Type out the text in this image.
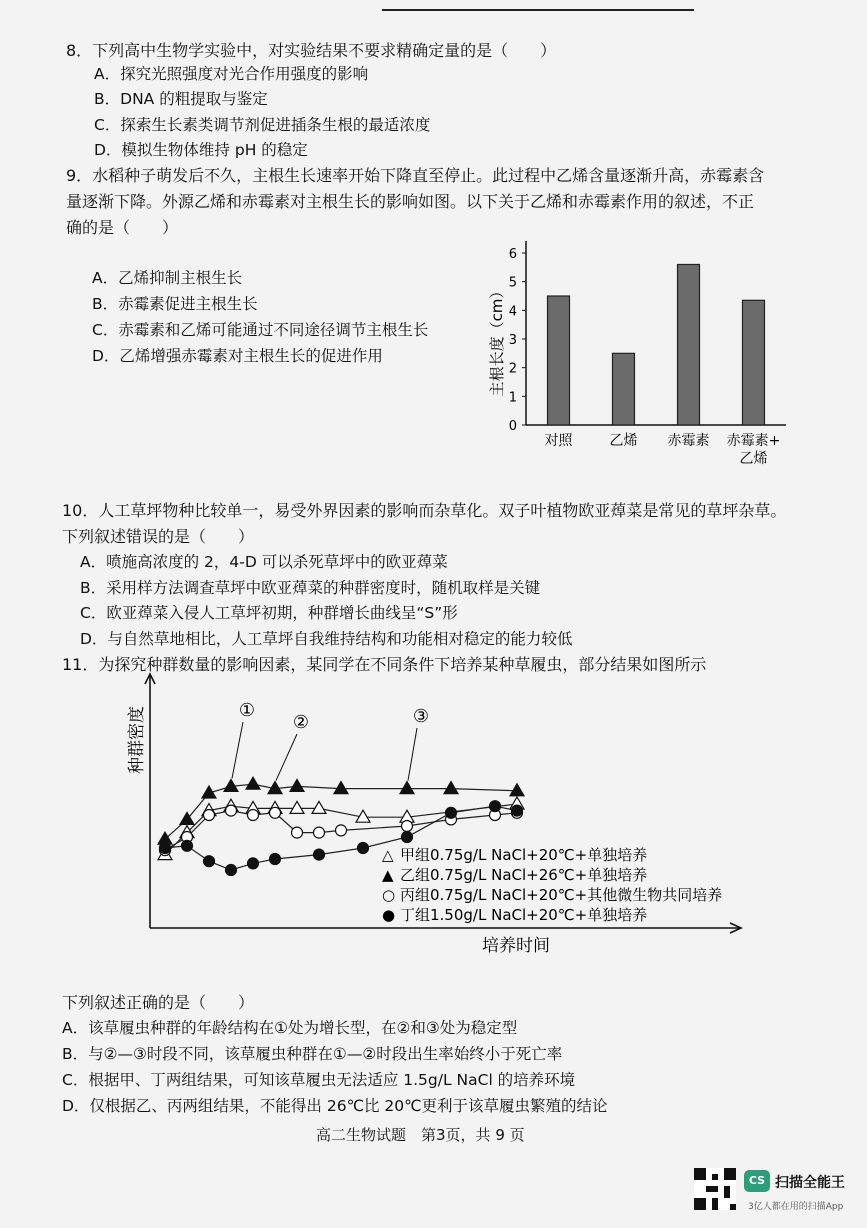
8．下列高中生物学实验中，对实验结果不要求精确定量的是（　　）
A．探究光照强度对光合作用强度的影响
B．DNA 的粗提取与鉴定
C．探索生长素类调节剂促进插条生根的最适浓度
D．模拟生物体维持 pH 的稳定
9．水稻种子萌发后不久，主根生长速率开始下降直至停止。此过程中乙烯含量逐渐升高，赤霉素含
量逐渐下降。外源乙烯和赤霉素对主根生长的影响如图。以下关于乙烯和赤霉素作用的叙述，不正
确的是（　　）
A．乙烯抑制主根生长
B．赤霉素促进主根生长
C．赤霉素和乙烯可能通过不同途径调节主根生长
D．乙烯增强赤霉素对主根生长的促进作用	主根长度（cm）
0
1
2
3
4
5
6
对照	乙烯 赤霉素 赤霉素+
乙烯
10．人工草坪物种比较单一，易受外界因素的影响而杂草化。双子叶植物欧亚蔊菜是常见的草坪杂草。
下列叙述错误的是（　　）
A．喷施高浓度的 2，4-D 可以杀死草坪中的欧亚蔊菜
B．采用样方法调查草坪中欧亚蔊菜的种群密度时，随机取样是关键
C．欧亚蔊菜入侵人工草坪初期，种群增长曲线呈“S”形
D．与自然草地相比，人工草坪自我维持结构和功能相对稳定的能力较低
11．为探究种群数量的影响因素，某同学在不同条件下培养某种草履虫，部分结果如图所示
种群密度
培养时间
①
②	③
△ 甲组0.75g/L NaCl+20℃+单独培养
▲ 乙组0.75g/L NaCl+26℃+单独培养
○ 丙组0.75g/L NaCl+20℃+其他微生物共同培养
● 丁组1.50g/L NaCl+20℃+单独培养
下列叙述正确的是（　　）
A．该草履虫种群的年龄结构在①处为增长型，在②和③处为稳定型
B．与②—③时段不同，该草履虫种群在①—②时段出生率始终小于死亡率
C．根据甲、丁两组结果，可知该草履虫无法适应 1.5g/L NaCl 的培养环境
D．仅根据乙、丙两组结果，不能得出 26℃比 20℃更利于该草履虫繁殖的结论
高二生物试题　第3页，共 9 页
CS 扫描全能王
3亿人都在用的扫描App
